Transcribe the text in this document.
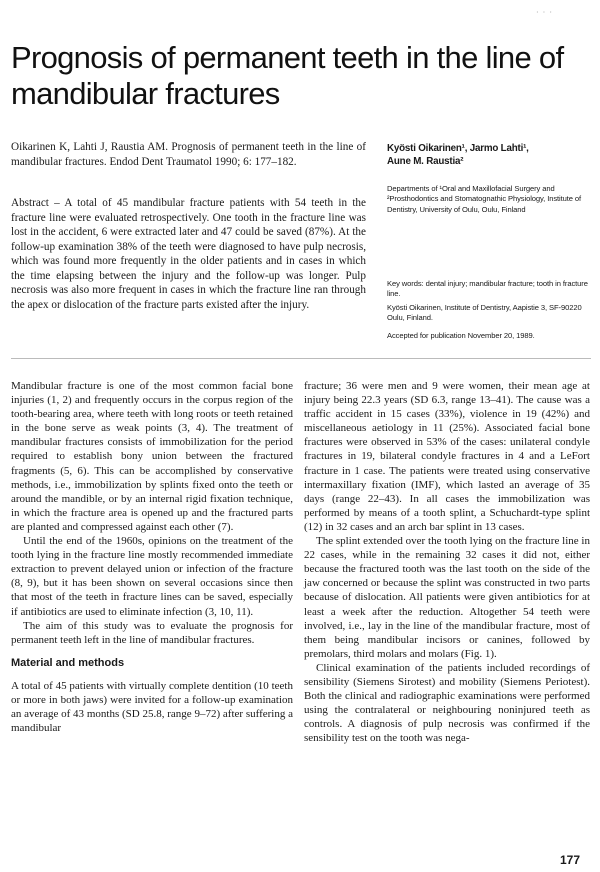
· · ·
Prognosis of permanent teeth in the line of mandibular fractures
Oikarinen K, Lahti J, Raustia AM. Prognosis of permanent teeth in the line of mandibular fractures. Endod Dent Traumatol 1990; 6: 177–182.
Abstract – A total of 45 mandibular fracture patients with 54 teeth in the fracture line were evaluated retrospectively. One tooth in the fracture line was lost in the accident, 6 were extracted later and 47 could be saved (87%). At the follow-up examination 38% of the teeth were diagnosed to have pulp necrosis, which was found more frequently in the older patients and in cases in which the time elapsing between the injury and the follow-up was longer. Pulp necrosis was also more frequent in cases in which the fracture line ran through the apex or dislocation of the fracture parts existed after the injury.
Kyösti Oikarinen¹, Jarmo Lahti¹,
Aune M. Raustia²
Departments of ¹Oral and Maxillofacial Surgery and ²Prosthodontics and Stomatognathic Physiology, Institute of Dentistry, University of Oulu, Oulu, Finland
Key words: dental injury; mandibular fracture; tooth in fracture line.
Kyösti Oikarinen, Institute of Dentistry, Aapistie 3, SF-90220 Oulu, Finland.
Accepted for publication November 20, 1989.

Mandibular fracture is one of the most common facial bone injuries (1, 2) and frequently occurs in the corpus region of the tooth-bearing area, where teeth with long roots or teeth retained in the bone serve as weak points (3, 4). The treatment of mandibular fractures consists of immobilization for the period required to establish bony union between the fractured fragments (5, 6). This can be accomplished by conservative methods, i.e., immobilization by splints fixed onto the teeth or around the mandible, or by an internal rigid fixation technique, in which the fracture area is opened up and the fractured parts are planted and compressed against each other (7).

Until the end of the 1960s, opinions on the treatment of the tooth lying in the fracture line mostly recommended immediate extraction to prevent delayed union or infection of the fracture (8, 9), but it has been shown on several occasions since then that most of the teeth in fracture lines can be saved, especially if antibiotics are used to eliminate infection (3, 10, 11).

The aim of this study was to evaluate the prognosis for permanent teeth left in the line of mandibular fractures.

Material and methods

A total of 45 patients with virtually complete dentition (10 teeth or more in both jaws) were invited for a follow-up examination an average of 43 months (SD 25.8, range 9–72) after suffering a mandibular

fracture; 36 were men and 9 were women, their mean age at injury being 22.3 years (SD 6.3, range 13–41). The cause was a traffic accident in 15 cases (33%), violence in 19 (42%) and miscellaneous aetiology in 11 (25%). Associated facial bone fractures were observed in 53% of the cases: unilateral condyle fractures in 19, bilateral condyle fractures in 4 and a LeFort fracture in 1 case. The patients were treated using conservative intermaxillary fixation (IMF), which lasted an average of 35 days (range 22–43). In all cases the immobilization was performed by means of a tooth splint, a Schuchardt-type splint (12) in 32 cases and an arch bar splint in 13 cases.

The splint extended over the tooth lying on the fracture line in 22 cases, while in the remaining 32 cases it did not, either because the fractured tooth was the last tooth on the side of the jaw concerned or because the splint was constructed in two parts because of dislocation. All patients were given antibiotics for at least a week after the reduction. Altogether 54 teeth were involved, i.e., lay in the line of the mandibular fracture, most of them being mandibular incisors or canines, followed by premolars, third molars and molars (Fig. 1).

Clinical examination of the patients included recordings of sensibility (Siemens Sirotest) and mobility (Siemens Periotest). Both the clinical and radiographic examinations were performed using the contralateral or neighbouring noninjured teeth as controls. A diagnosis of pulp necrosis was confirmed if the sensibility test on the tooth was nega-

177
